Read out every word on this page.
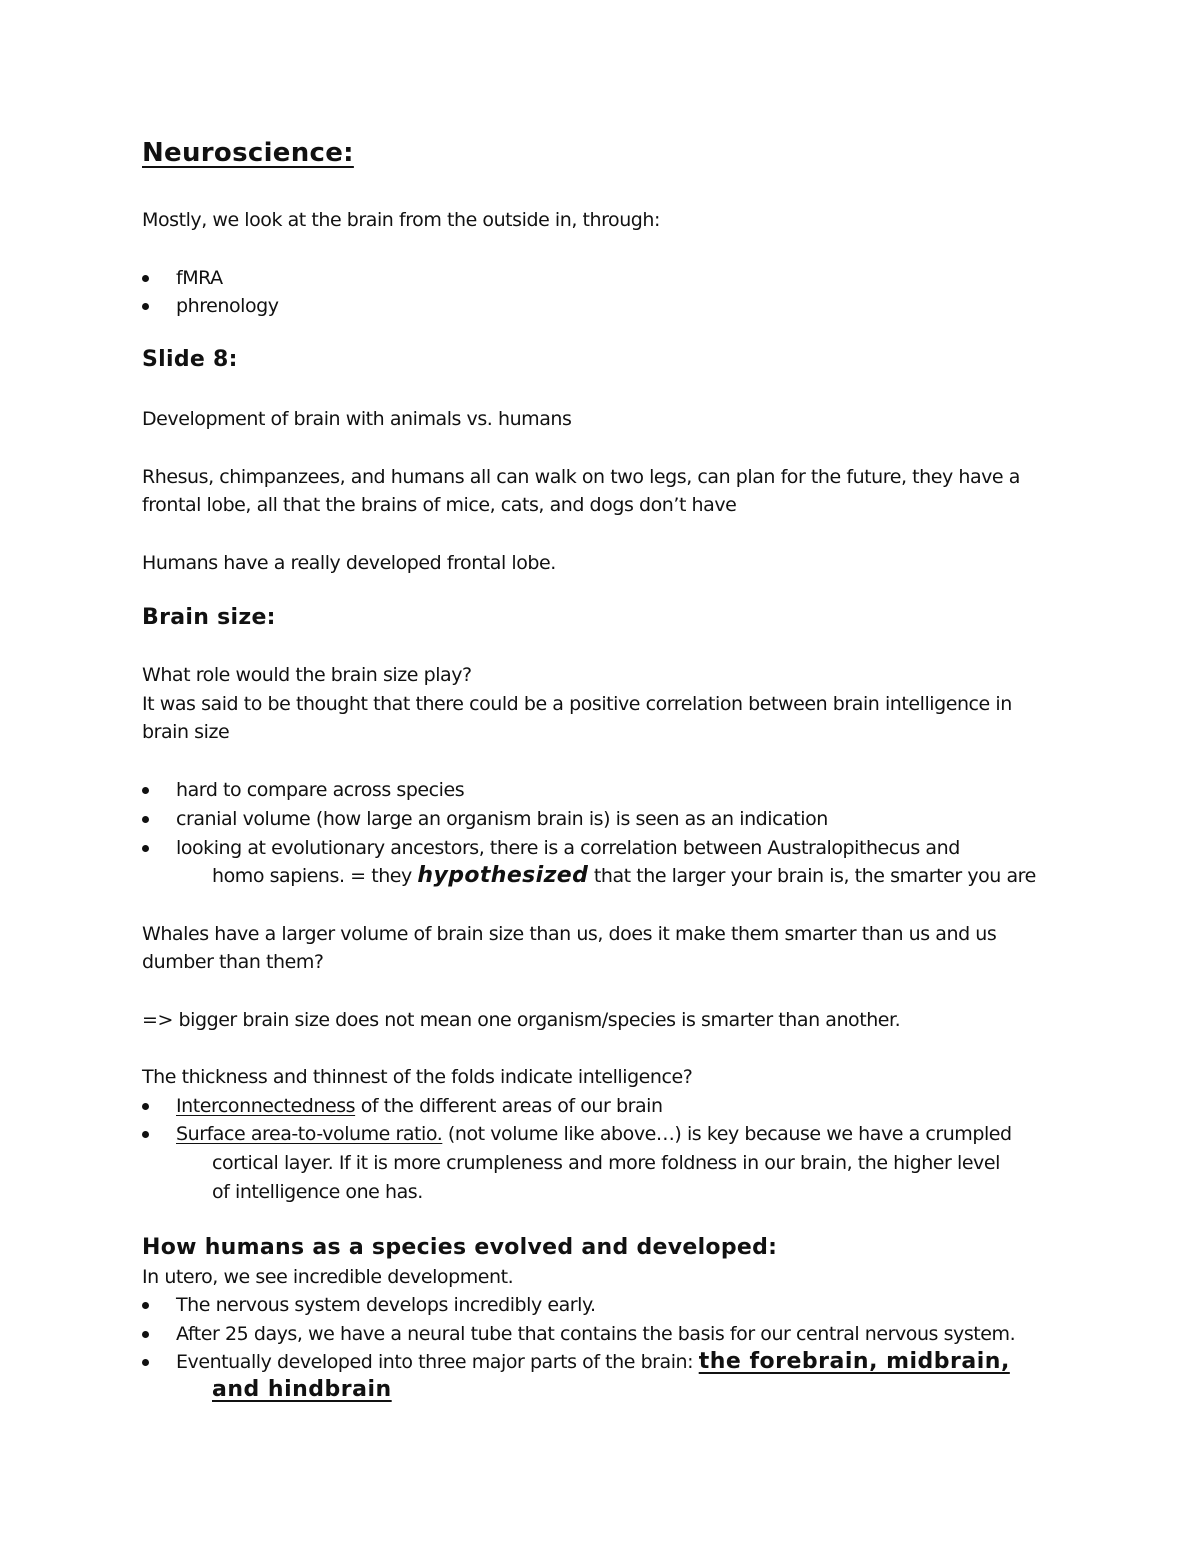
Neuroscience:
Mostly, we look at the brain from the outside in, through:
fMRA
phrenology
Slide 8:
Development of brain with animals vs. humans
Rhesus, chimpanzees, and humans all can walk on two legs, can plan for the future, they have a
frontal lobe, all that the brains of mice, cats, and dogs don’t have
Humans have a really developed frontal lobe.
Brain size:
What role would the brain size play?
It was said to be thought that there could be a positive correlation between brain intelligence in
brain size
hard to compare across species
cranial volume (how large an organism brain is) is seen as an indication
looking at evolutionary ancestors, there is a correlation between Australopithecus and
homo sapiens. = they hypothesized that the larger your brain is, the smarter you are
Whales have a larger volume of brain size than us, does it make them smarter than us and us
dumber than them?
=> bigger brain size does not mean one organism/species is smarter than another.
The thickness and thinnest of the folds indicate intelligence?
Interconnectedness of the different areas of our brain
Surface area-to-volume ratio. (not volume like above…) is key because we have a crumpled
cortical layer. If it is more crumpleness and more foldness in our brain, the higher level
of intelligence one has.
How humans as a species evolved and developed:
In utero, we see incredible development.
The nervous system develops incredibly early.
After 25 days, we have a neural tube that contains the basis for our central nervous system.
Eventually developed into three major parts of the brain: the forebrain, midbrain,
and hindbrain
